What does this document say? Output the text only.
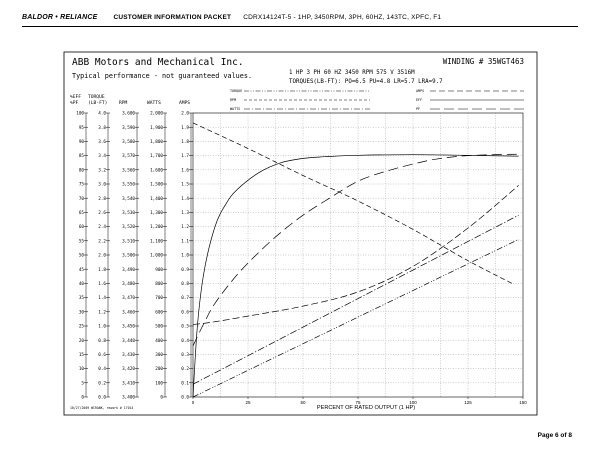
BALDOR • RELIANCE CUSTOMER INFORMATION PACKET CDRX14124T-5 - 1HP, 3450RPM, 3PH, 60HZ, 143TC, XPFC, F1
ABB Motors and Mechanical Inc.	WINDING # 35WGT463
Typical performance - not guaranteed values.	1 HP 3 PH 60 HZ 3450 RPM 575 V 3516M
TORQUES(LB-FT): PO=6.5 PU=4.8 LR=5.7 LRA=9.7
TORQUE
RPM
WATTS
AMPS
EFF
PF
%EFF TORQUE
%PF (LB-FT)	RPM	WATTS	AMPS
100
95
90
85
80
75
70
65
60
55
50
45
40
35
30
25
20
15
10
5
0
4.0
3.8
3.6
3.4
3.2
3.0
2.8
2.6
2.4
2.2
2.0
1.8
1.6
1.4
1.2
1.0
0.8
0.6
0.4
0.2
0.0
3,600
3,590
3,580
3,570
3,560
3,550
3,540
3,530
3,520
3,510
3,500
3,490
3,480
3,470
3,460
3,450
3,440
3,430
3,420
3,410
3,400
2,000
1,900
1,800
1,700
1,600
1,500
1,400
1,300
1,200
1,100
1,000
900
800
700
600
500
400
300
200
100
0
2.0
1.9
1.8
1.7
1.6
1.5
1.4
1.3
1.2
1.1
1.0
0.9
0.8
0.7
0.6
0.5
0.4
0.3
0.2
0.1
0.0
0	25	50	75	100	125	150
PERCENT OF RATED OUTPUT (1 HP)
10/27/2009 WCRANK, rework # 17014
Page 6 of 8
